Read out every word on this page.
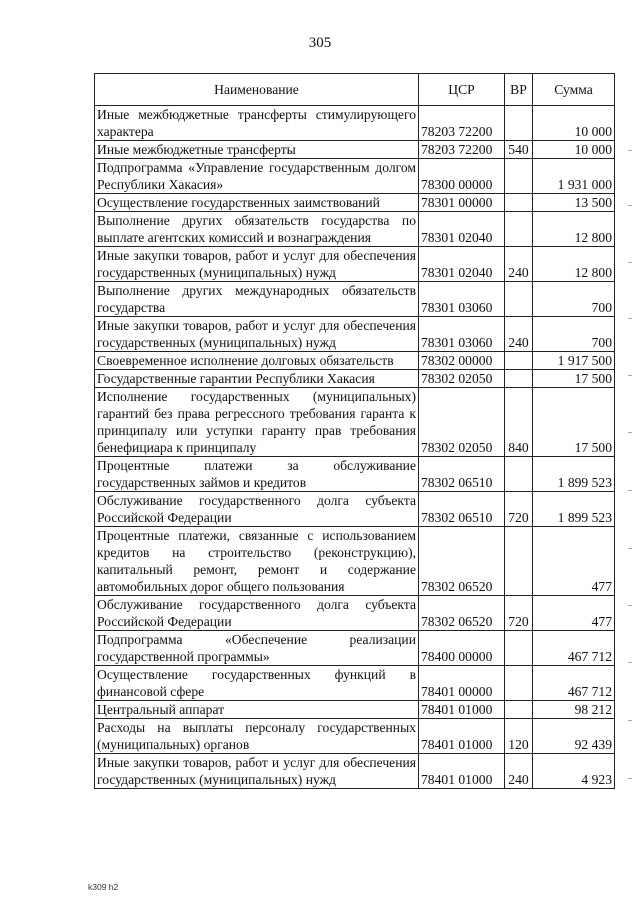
305
Наименование	ЦСР	ВР	Сумма

Иные межбюджетные трансферты стимулирующего характера	78203 72200		10 000

Иные межбюджетные трансферты	78203 72200	540	10 000

Подпрограмма «Управление государственным долгом Республики Хакасия»	78300 00000		1 931 000

Осуществление государственных заимствований	78301 00000		13 500

Выполнение других обязательств государства по выплате агентских комиссий и вознаграждения	78301 02040		12 800

Иные закупки товаров, работ и услуг для обеспечения государственных (муниципальных) нужд	78301 02040	240	12 800

Выполнение других международных обязательств государства	78301 03060		700

Иные закупки товаров, работ и услуг для обеспечения государственных (муниципальных) нужд	78301 03060	240	700

Своевременное исполнение долговых обязательств	78302 00000		1 917 500

Государственные гарантии Республики Хакасия	78302 02050		17 500

Исполнение государственных (муниципальных) гарантий без права регрессного требования гаранта к принципалу или уступки гаранту прав требования бенефициара к принципалу	78302 02050	840	17 500

Процентные платежи за обслуживание государственных займов и кредитов	78302 06510		1 899 523

Обслуживание государственного долга субъекта Российской Федерации	78302 06510	720	1 899 523

Процентные платежи, связанные с использованием кредитов на строительство (реконструкцию), капитальный ремонт, ремонт и содержание автомобильных дорог общего пользования	78302 06520		477

Обслуживание государственного долга субъекта Российской Федерации	78302 06520	720	477

Подпрограмма «Обеспечение реализации государственной программы»	78400 00000		467 712

Осуществление государственных функций в финансовой сфере	78401 00000		467 712

Центральный аппарат	78401 01000		98 212

Расходы на выплаты персоналу государственных (муниципальных) органов	78401 01000	120	92 439

Иные закупки товаров, работ и услуг для обеспечения государственных (муниципальных) нужд	78401 01000	240	4 923
k309 h2
